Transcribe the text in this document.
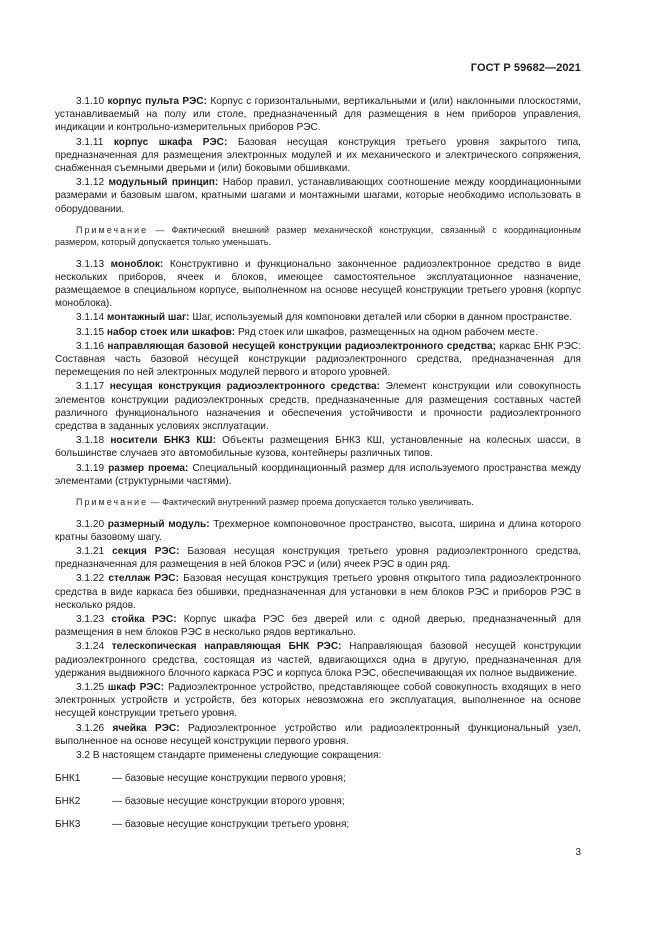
ГОСТ Р 59682—2021

3.1.10 корпус пульта РЭС: Корпус с горизонтальными, вертикальными и (или) наклонными плоскостями, устанавливаемый на полу или столе, предназначенный для размещения в нем приборов управления, индикации и контрольно-измерительных приборов РЭС.

3.1.11 корпус шкафа РЭС: Базовая несущая конструкция третьего уровня закрытого типа, предназначенная для размещения электронных модулей и их механического и электрического сопряжения, снабженная съемными дверьми и (или) боковыми обшивками.

3.1.12 модульный принцип: Набор правил, устанавливающих соотношение между координационными размерами и базовым шагом, кратными шагами и монтажными шагами, которые необходимо использовать в оборудовании.

Примечание — Фактический внешний размер механической конструкции, связанный с координационным размером, который допускается только уменьшать.

3.1.13 моноблок: Конструктивно и функционально законченное радиоэлектронное средство в виде нескольких приборов, ячеек и блоков, имеющее самостоятельное эксплуатационное назначение, размещаемое в специальном корпусе, выполненном на основе несущей конструкции третьего уровня (корпус моноблока).

3.1.14 монтажный шаг: Шаг, используемый для компоновки деталей или сборки в данном пространстве.

3.1.15 набор стоек или шкафов: Ряд стоек или шкафов, размещенных на одном рабочем месте.

3.1.16 направляющая базовой несущей конструкции радиоэлектронного средства; каркас БНК РЭС: Составная часть базовой несущей конструкции радиоэлектронного средства, предназначенная для перемещения по ней электронных модулей первого и второго уровней.

3.1.17 несущая конструкция радиоэлектронного средства: Элемент конструкции или совокупность элементов конструкции радиоэлектронных средств, предназначенные для размещения составных частей различного функционального назначения и обеспечения устойчивости и прочности радиоэлектронного средства в заданных условиях эксплуатации.

3.1.18 носители БНК3 КШ: Объекты размещения БНК3 КШ, установленные на колесных шасси, в большинстве случаев это автомобильные кузова, контейнеры различных типов.

3.1.19 размер проема: Специальный координационный размер для используемого пространства между элементами (структурными частями).

Примечание — Фактический внутренний размер проема допускается только увеличивать.

3.1.20 размерный модуль: Трехмерное компоновочное пространство, высота, ширина и длина которого кратны базовому шагу.

3.1.21 секция РЭС: Базовая несущая конструкция третьего уровня радиоэлектронного средства, предназначенная для размещения в ней блоков РЭС и (или) ячеек РЭС в один ряд.

3.1.22 стеллаж РЭС: Базовая несущая конструкция третьего уровня открытого типа радиоэлектронного средства в виде каркаса без обшивки, предназначенная для установки в нем блоков РЭС и приборов РЭС в несколько рядов.

3.1.23 стойка РЭС: Корпус шкафа РЭС без дверей или с одной дверью, предназначенный для размещения в нем блоков РЭС в несколько рядов вертикально.

3.1.24 телескопическая направляющая БНК РЭС: Направляющая базовой несущей конструкции радиоэлектронного средства, состоящая из частей, вдвигающихся одна в другую, предназначенная для удержания выдвижного блочного каркаса РЭС и корпуса блока РЭС, обеспечивающая их полное выдвижение.

3.1.25 шкаф РЭС: Радиоэлектронное устройство, представляющее собой совокупность входящих в него электронных устройств и устройств, без которых невозможна его эксплуатация, выполненное на основе несущей конструкции третьего уровня.

3.1.26 ячейка РЭС: Радиоэлектронное устройство или радиоэлектронный функциональный узел, выполненное на основе несущей конструкции первого уровня.

3.2 В настоящем стандарте применены следующие сокращения:

БНК1	— базовые несущие конструкции первого уровня;
БНК2	— базовые несущие конструкции второго уровня;
БНК3	— базовые несущие конструкции третьего уровня;
3
